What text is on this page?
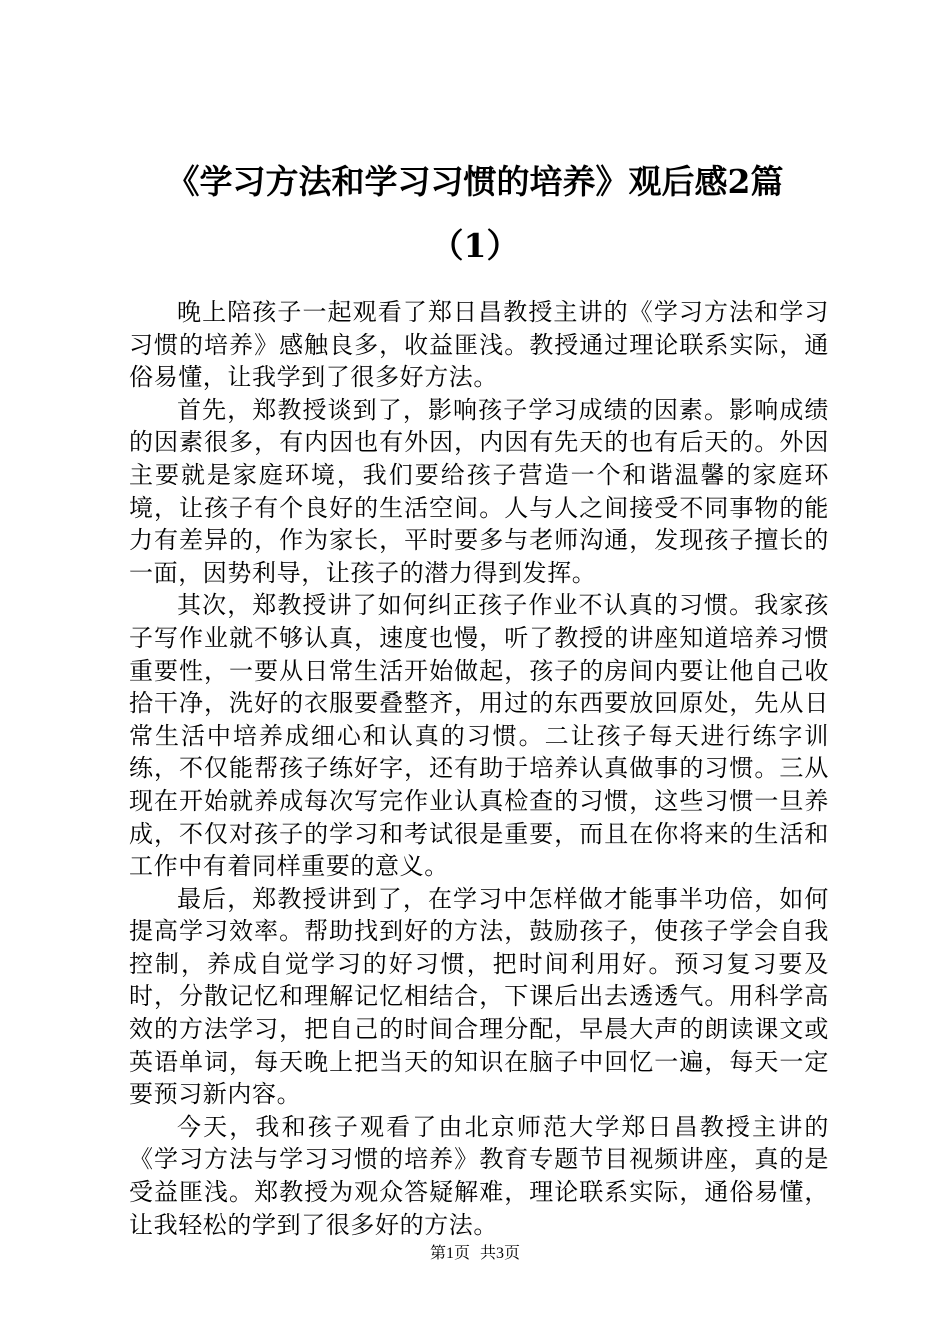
《学习方法和学习习惯的培养》观后感2篇
（1）

晚上陪孩子一起观看了郑日昌教授主讲的《学习方法和学习习惯的培养》感触良多，收益匪浅。教授通过理论联系实际，通俗易懂，让我学到了很多好方法。

首先，郑教授谈到了，影响孩子学习成绩的因素。影响成绩的因素很多，有内因也有外因，内因有先天的也有后天的。外因主要就是家庭环境，我们要给孩子营造一个和谐温馨的家庭环境，让孩子有个良好的生活空间。人与人之间接受不同事物的能力有差异的，作为家长，平时要多与老师沟通，发现孩子擅长的一面，因势利导，让孩子的潜力得到发挥。

其次，郑教授讲了如何纠正孩子作业不认真的习惯。我家孩子写作业就不够认真，速度也慢，听了教授的讲座知道培养习惯重要性，一要从日常生活开始做起，孩子的房间内要让他自己收拾干净，洗好的衣服要叠整齐，用过的东西要放回原处，先从日常生活中培养成细心和认真的习惯。二让孩子每天进行练字训练，不仅能帮孩子练好字，还有助于培养认真做事的习惯。三从现在开始就养成每次写完作业认真检查的习惯，这些习惯一旦养成，不仅对孩子的学习和考试很是重要，而且在你将来的生活和工作中有着同样重要的意义。

最后，郑教授讲到了，在学习中怎样做才能事半功倍，如何提高学习效率。帮助找到好的方法，鼓励孩子，使孩子学会自我控制，养成自觉学习的好习惯，把时间利用好。预习复习要及时，分散记忆和理解记忆相结合，下课后出去透透气。用科学高效的方法学习，把自己的时间合理分配，早晨大声的朗读课文或英语单词，每天晚上把当天的知识在脑子中回忆一遍，每天一定要预习新内容。

今天，我和孩子观看了由北京师范大学郑日昌教授主讲的《学习方法与学习习惯的培养》教育专题节目视频讲座，真的是受益匪浅。郑教授为观众答疑解难，理论联系实际，通俗易懂，让我轻松的学到了很多好的方法。

第1页 共3页
